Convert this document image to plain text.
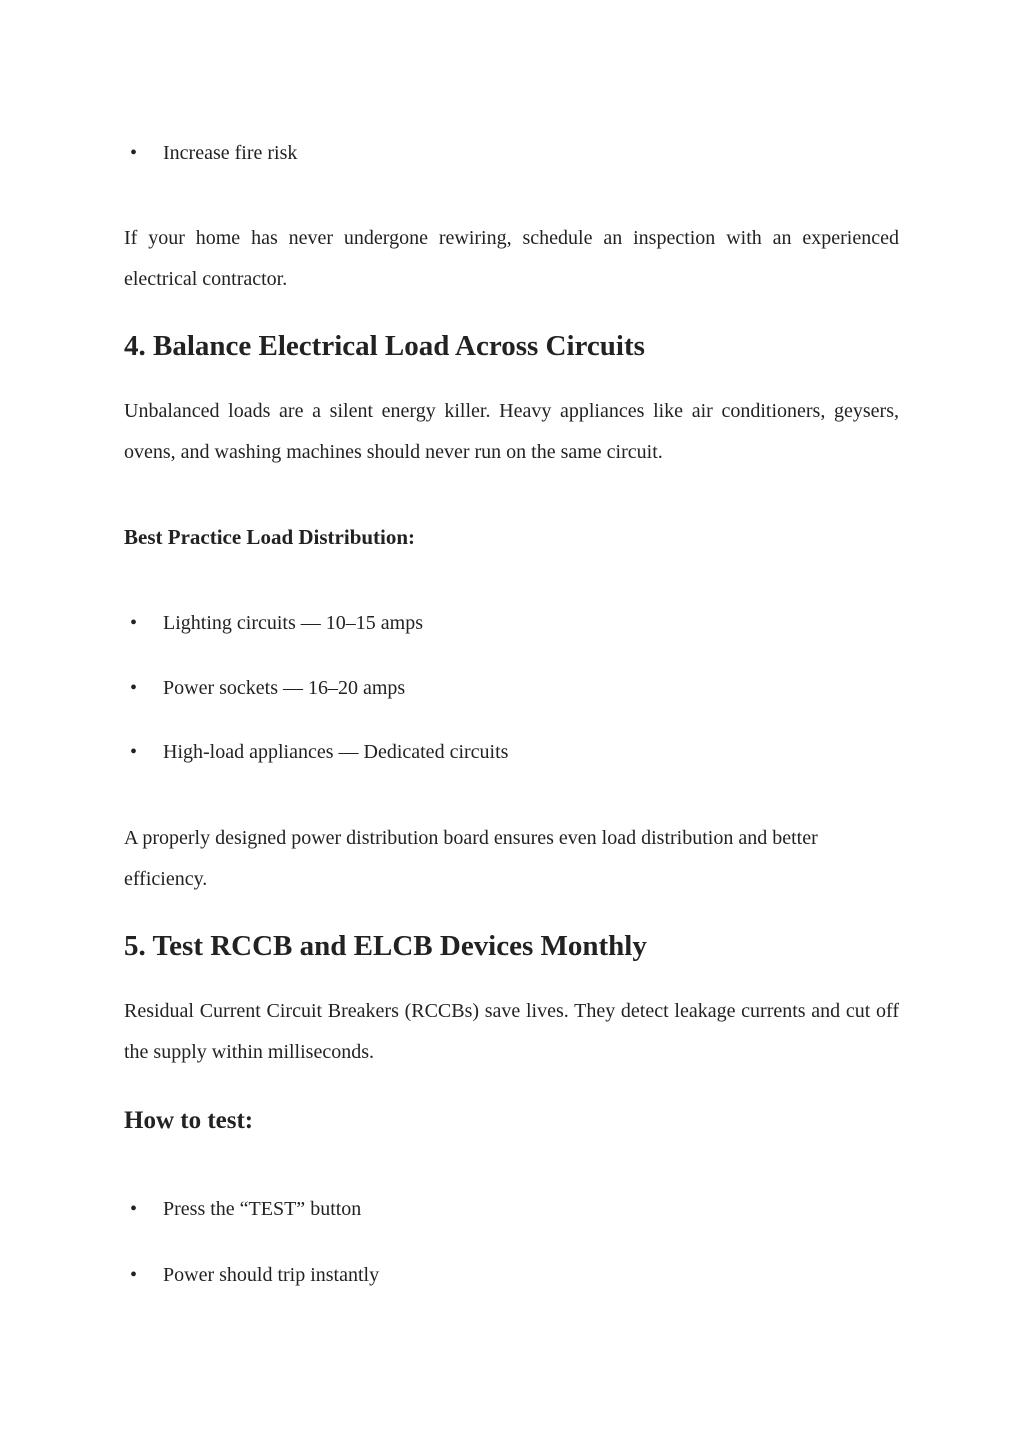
• Increase fire risk
If your home has never undergone rewiring, schedule an inspection with an experienced electrical contractor.
4. Balance Electrical Load Across Circuits
Unbalanced loads are a silent energy killer. Heavy appliances like air conditioners, geysers, ovens, and washing machines should never run on the same circuit.
Best Practice Load Distribution:
• Lighting circuits — 10–15 amps
• Power sockets — 16–20 amps
• High-load appliances — Dedicated circuits
A properly designed power distribution board ensures even load distribution and better efficiency.
5. Test RCCB and ELCB Devices Monthly
Residual Current Circuit Breakers (RCCBs) save lives. They detect leakage currents and cut off the supply within milliseconds.
How to test:
• Press the “TEST” button
• Power should trip instantly
